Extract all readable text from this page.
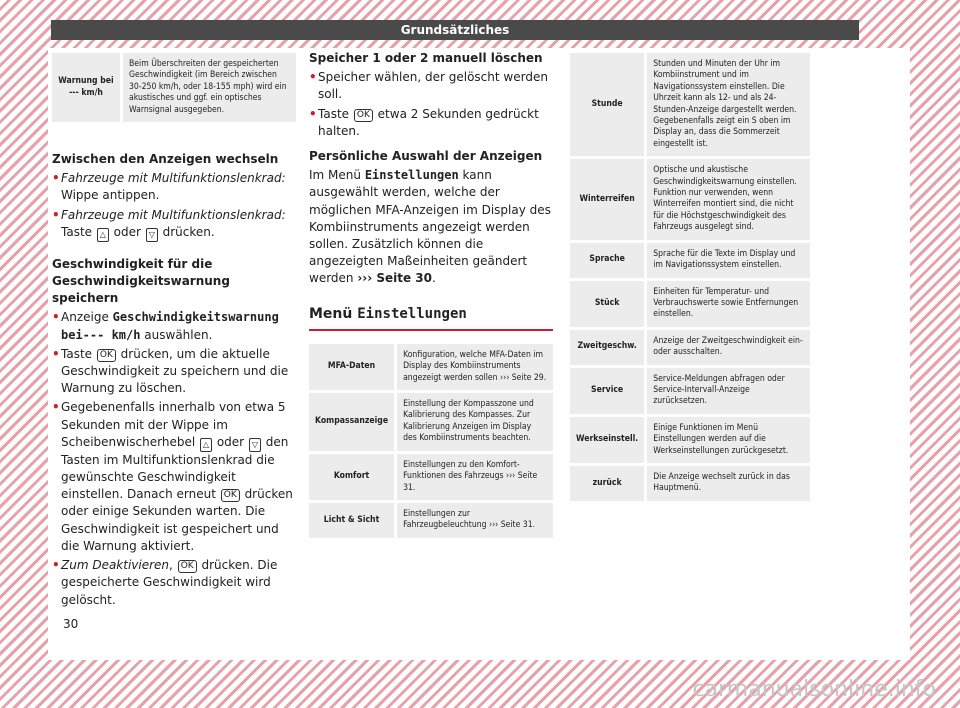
Grundsätzliches
Warnung bei --- km/h	Beim Überschreiten der gespeicherten Geschwindigkeit (im Bereich zwischen 30-250 km/h, oder 18-155 mph) wird ein akustisches und ggf. ein optisches Warnsignal ausgegeben.
Zwischen den Anzeigen wechseln
• Fahrzeuge mit Multifunktionslenkrad: Wippe antippen.
• Fahrzeuge mit Multifunktionslenkrad: Taste △ oder ▽ drücken.
Geschwindigkeit für die Geschwindigkeitswarnung speichern
• Anzeige Geschwindigkeitswarnung bei--- km/h auswählen.
• Taste OK drücken, um die aktuelle Geschwindigkeit zu speichern und die Warnung zu löschen.
• Gegebenenfalls innerhalb von etwa 5 Sekunden mit der Wippe im Scheibenwischerhebel △ oder ▽ den Tasten im Multifunktionslenkrad die gewünschte Geschwindigkeit einstellen. Danach erneut OK drücken oder einige Sekunden warten. Die Geschwindigkeit ist gespeichert und die Warnung aktiviert.
• Zum Deaktivieren, OK drücken. Die gespeicherte Geschwindigkeit wird gelöscht.
Speicher 1 oder 2 manuell löschen
• Speicher wählen, der gelöscht werden soll.
• Taste OK etwa 2 Sekunden gedrückt halten.
Persönliche Auswahl der Anzeigen

Im Menü Einstellungen kann ausgewählt werden, welche der möglichen MFA-Anzeigen im Display des Kombiinstruments angezeigt werden sollen. Zusätzlich können die angezeigten Maßeinheiten geändert werden ››› Seite 30.

Menü Einstellungen
MFA-Daten	Konfiguration, welche MFA-Daten im Display des Kombiinstruments angezeigt werden sollen ››› Seite 29.
Kompassanzeige	Einstellung der Kompasszone und Kalibrierung des Kompasses. Zur Kalibrierung Anzeigen im Display des Kombiinstruments beachten.
Komfort	Einstellungen zu den Komfort-Funktionen des Fahrzeugs ››› Seite 31.
Licht & Sicht	Einstellungen zur Fahrzeugbeleuchtung ››› Seite 31.
Stunde	Stunden und Minuten der Uhr im Kombiinstrument und im Navigationssystem einstellen. Die Uhrzeit kann als 12- und als 24-Stunden-Anzeige dargestellt werden. Gegebenenfalls zeigt ein S oben im Display an, dass die Sommerzeit eingestellt ist.
Winterreifen	Optische und akustische Geschwindigkeitswarnung einstellen. Funktion nur verwenden, wenn Winterreifen montiert sind, die nicht für die Höchstgeschwindigkeit des Fahrzeugs ausgelegt sind.
Sprache	Sprache für die Texte im Display und im Navigationssystem einstellen.
Stück	Einheiten für Temperatur- und Verbrauchswerte sowie Entfernungen einstellen.
Zweitgeschw.	Anzeige der Zweitgeschwindigkeit ein- oder ausschalten.
Service	Service-Meldungen abfragen oder Service-Intervall-Anzeige zurücksetzen.
Werkseinstell.	Einige Funktionen im Menü Einstellungen werden auf die Werkseinstellungen zurückgesetzt.
zurück	Die Anzeige wechselt zurück in das Hauptmenü.
30
carmanualsonline.info
